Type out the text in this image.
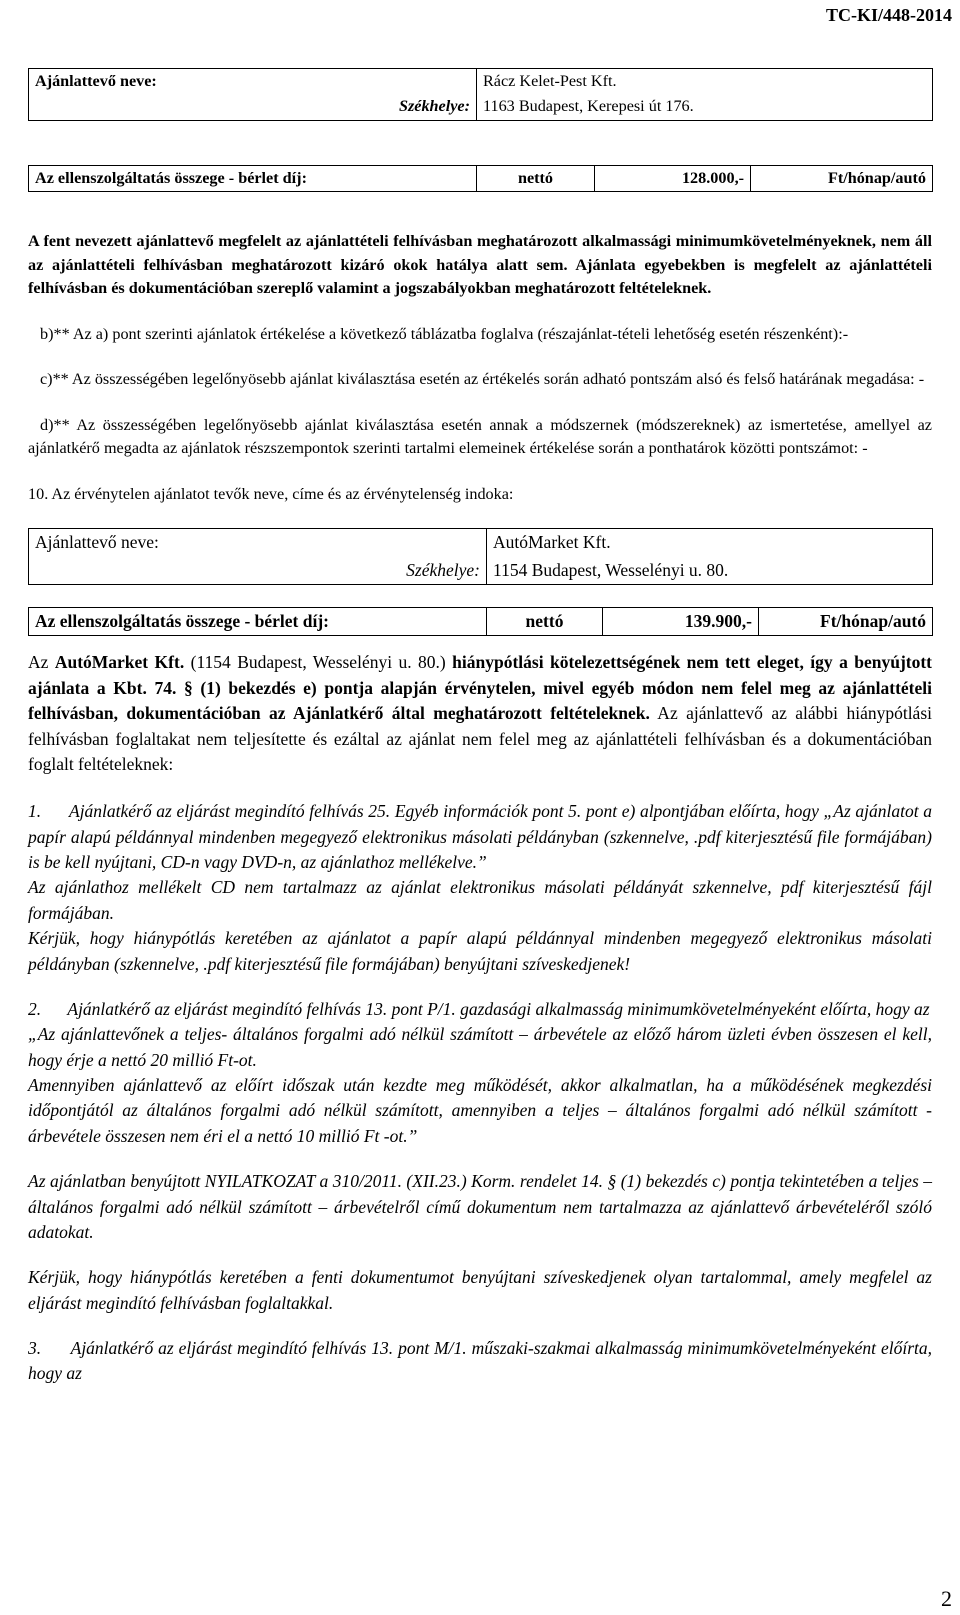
TC-KI/448-2014
Ajánlattevő neve:	Rácz Kelet-Pest Kft.
Székhelye:	1163 Budapest, Kerepesi út 176.
Az ellenszolgáltatás összege - bérlet díj:	nettó	128.000,-	Ft/hónap/autó

A fent nevezett ajánlattevő megfelelt az ajánlattételi felhívásban meghatározott alkalmassági minimumkövetelményeknek, nem áll az ajánlattételi felhívásban meghatározott kizáró okok hatálya alatt sem. Ajánlata egyebekben is megfelelt az ajánlattételi felhívásban és dokumentációban szereplő valamint a jogszabályokban meghatározott feltételeknek.

b)** Az a) pont szerinti ajánlatok értékelése a következő táblázatba foglalva (részajánlat-tételi lehetőség esetén részenként):-

c)** Az összességében legelőnyösebb ajánlat kiválasztása esetén az értékelés során adható pontszám alsó és felső határának megadása: -

d)** Az összességében legelőnyösebb ajánlat kiválasztása esetén annak a módszernek (módszereknek) az ismertetése, amellyel az ajánlatkérő megadta az ajánlatok részszempontok szerinti tartalmi elemeinek értékelése során a ponthatárok közötti pontszámot: -

10. Az érvénytelen ajánlatot tevők neve, címe és az érvénytelenség indoka:

Ajánlattevő neve:	AutóMarket Kft.
Székhelye:	1154 Budapest, Wesselényi u. 80.
Az ellenszolgáltatás összege - bérlet díj:	nettó	139.900,-	Ft/hónap/autó

Az AutóMarket Kft. (1154 Budapest, Wesselényi u. 80.) hiánypótlási kötelezettségének nem tett eleget, így a benyújtott ajánlata a Kbt. 74. § (1) bekezdés e) pontja alapján érvénytelen, mivel egyéb módon nem felel meg az ajánlattételi felhívásban, dokumentációban az Ajánlatkérő által meghatározott feltételeknek. Az ajánlattevő az alábbi hiánypótlási felhívásban foglaltakat nem teljesítette és ezáltal az ajánlat nem felel meg az ajánlattételi felhívásban és a dokumentációban foglalt feltételeknek:

1.      Ajánlatkérő az eljárást megindító felhívás 25. Egyéb információk pont 5. pont e) alpontjában előírta, hogy „Az ajánlatot a papír alapú példánnyal mindenben megegyező elektronikus másolati példányban (szkennelve, .pdf kiterjesztésű file formájában) is be kell nyújtani, CD-n vagy DVD-n, az ajánlathoz mellékelve.”

Az ajánlathoz mellékelt CD nem tartalmazz az ajánlat elektronikus másolati példányát szkennelve, pdf kiterjesztésű fájl formájában.

Kérjük, hogy hiánypótlás keretében az ajánlatot a papír alapú példánnyal mindenben megegyező elektronikus másolati példányban (szkennelve, .pdf kiterjesztésű file formájában) benyújtani szíveskedjenek!

2.      Ajánlatkérő az eljárást megindító felhívás 13. pont P/1. gazdasági alkalmasság minimumkövetelményeként előírta, hogy az

„Az ajánlattevőnek a teljes- általános forgalmi adó nélkül számított – árbevétele az előző három üzleti évben összesen el kell, hogy érje a nettó 20 millió Ft-ot.

Amennyiben ajánlattevő az előírt időszak után kezdte meg működését, akkor alkalmatlan, ha a működésének megkezdési időpontjától az általános forgalmi adó nélkül számított, amennyiben a teljes – általános forgalmi adó nélkül számított - árbevétele összesen nem éri el a nettó 10 millió Ft -ot.”

Az ajánlatban benyújtott NYILATKOZAT a 310/2011. (XII.23.) Korm. rendelet 14. § (1) bekezdés c) pontja tekintetében a teljes – általános forgalmi adó nélkül számított – árbevételről című dokumentum nem tartalmazza az ajánlattevő árbevételéről szóló adatokat.

Kérjük, hogy hiánypótlás keretében a fenti dokumentumot benyújtani szíveskedjenek olyan tartalommal, amely megfelel az eljárást megindító felhívásban foglaltakkal.

3.      Ajánlatkérő az eljárást megindító felhívás 13. pont M/1. műszaki-szakmai alkalmasság minimumkövetelményeként előírta, hogy az

2
